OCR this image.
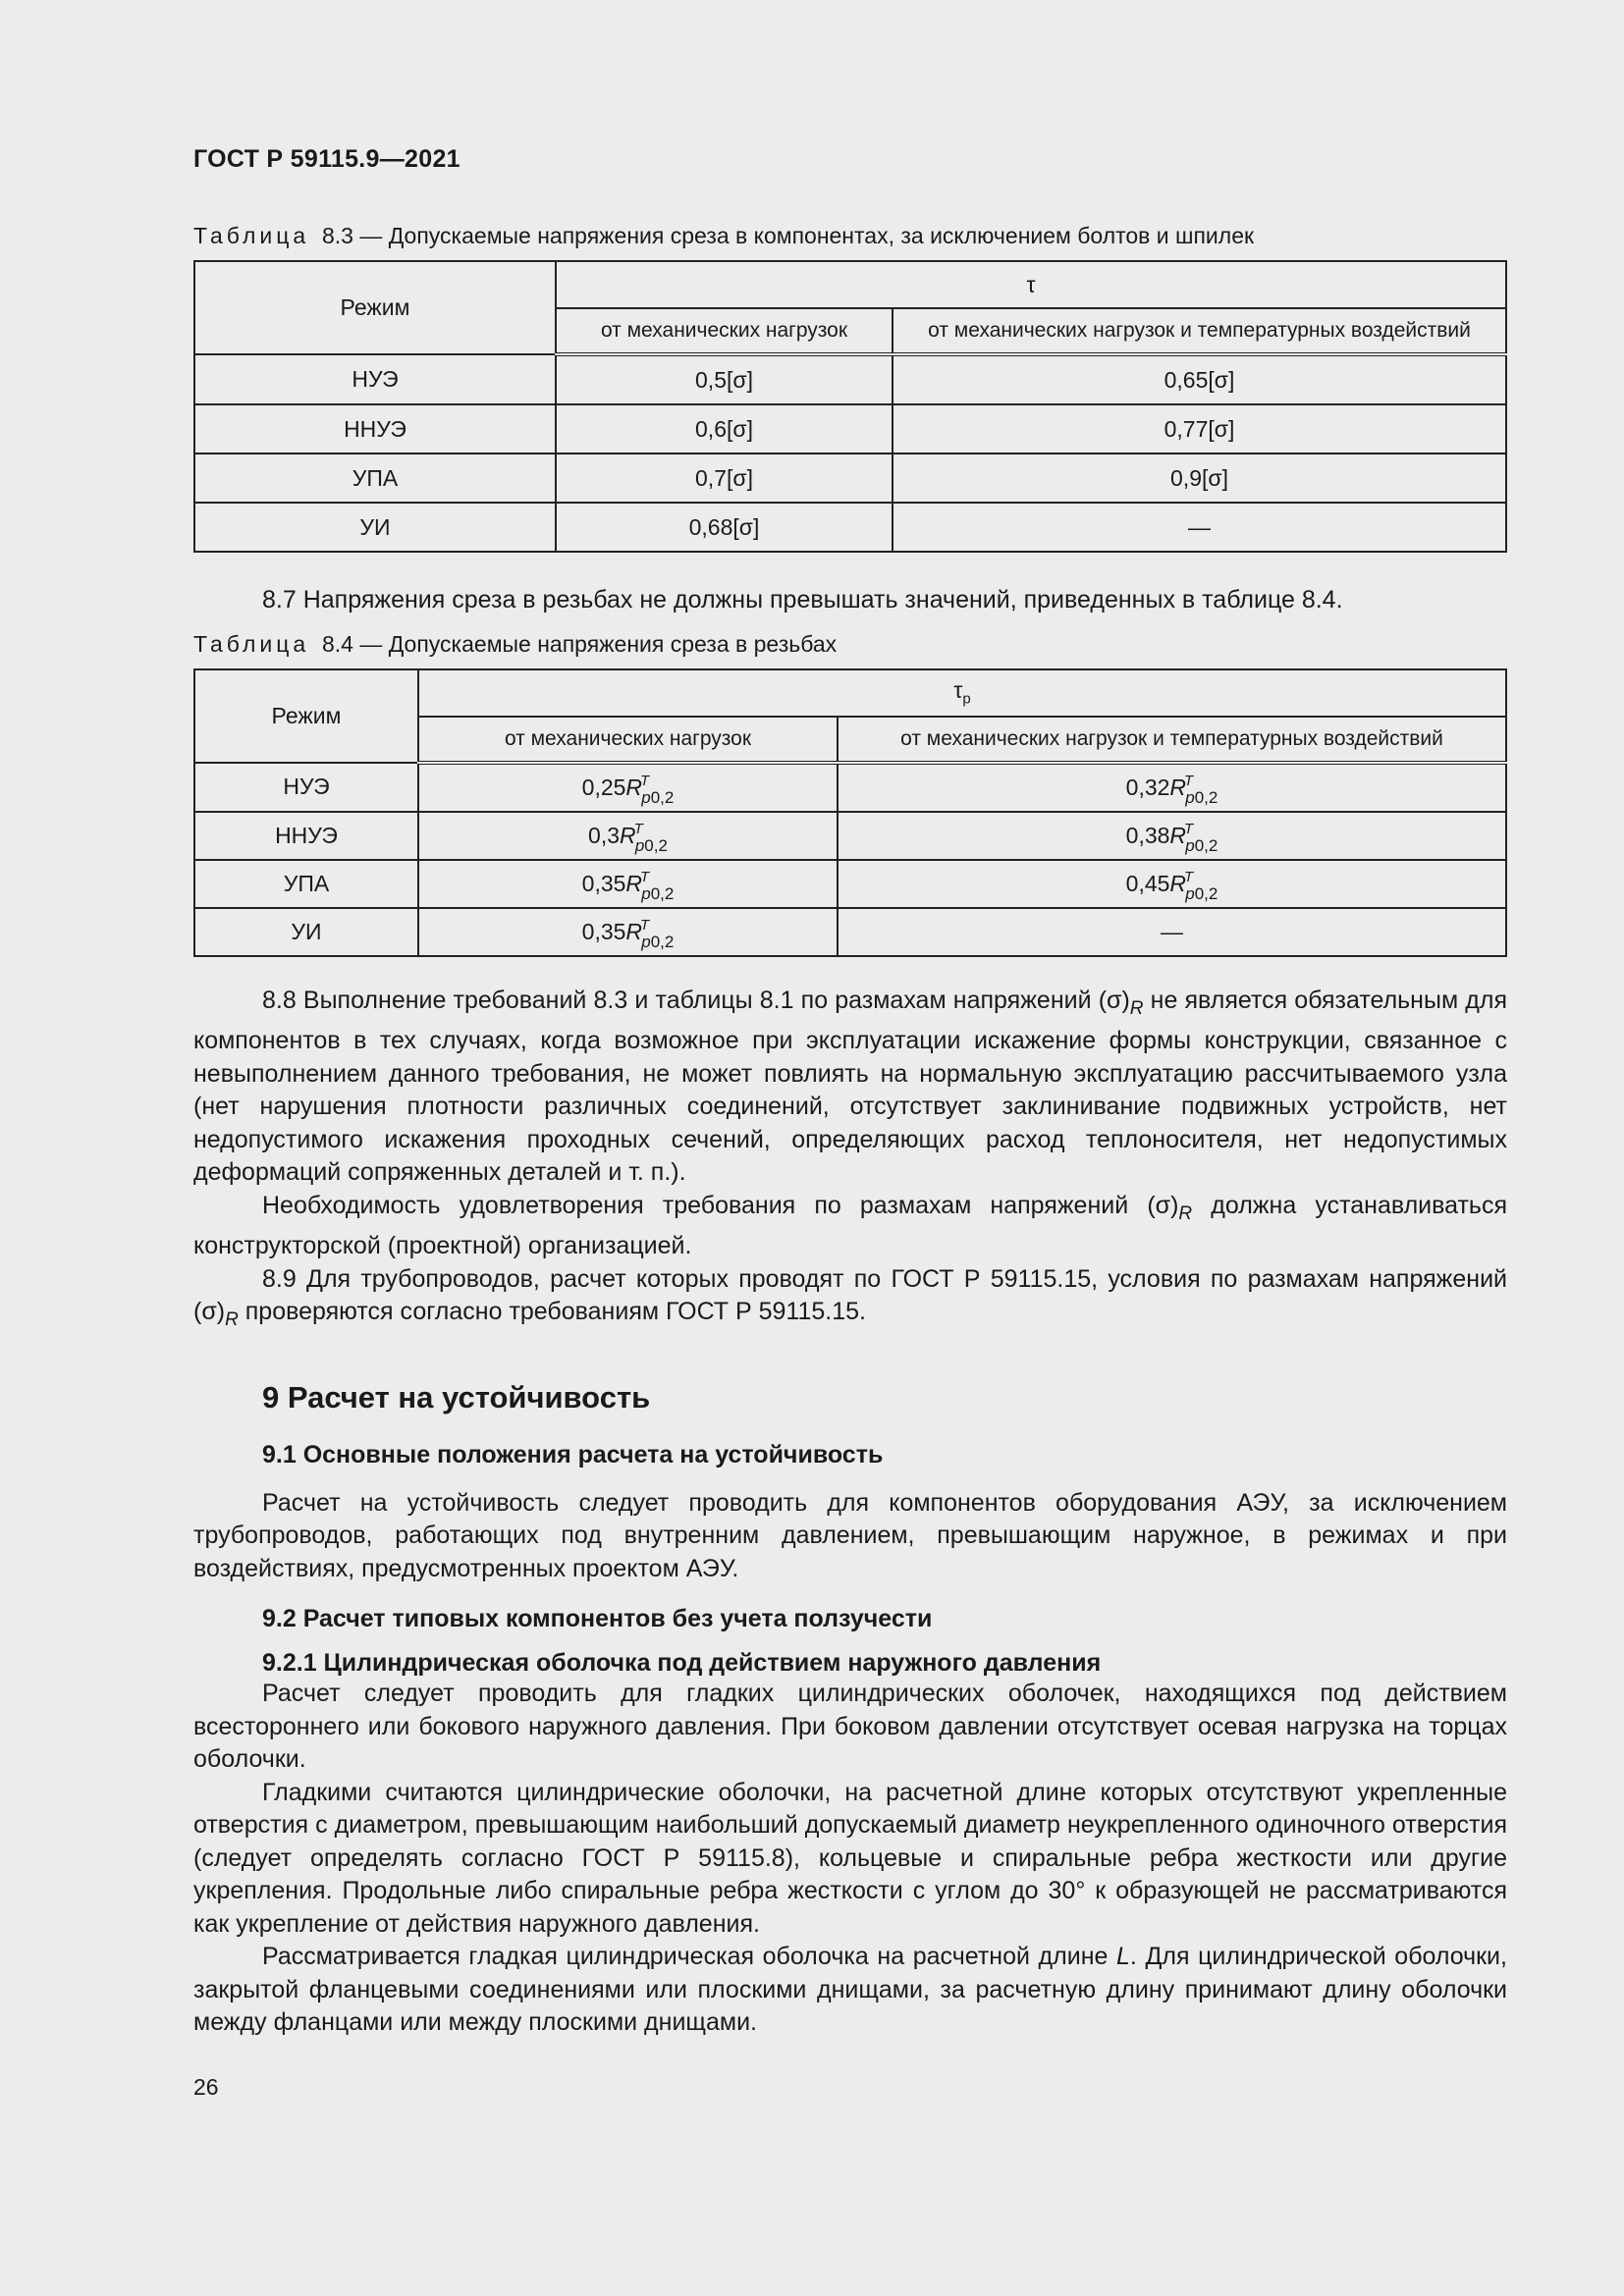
ГОСТ Р 59115.9—2021
Таблица 8.3 — Допускаемые напряжения среза в компонентах, за исключением болтов и шпилек
Режим	τ	
	от механических нагрузок	от механических нагрузок и температурных воздействий
НУЭ	0,5[σ]	0,65[σ]
ННУЭ	0,6[σ]	0,77[σ]
УПА	0,7[σ]	0,9[σ]
УИ	0,68[σ]	—

8.7 Напряжения среза в резьбах не должны превышать значений, приведенных в таблице 8.4.

Таблица 8.4 — Допускаемые напряжения среза в резьбах
Режим	$\tau_p$
	от механических нагрузок	от механических нагрузок и температурных воздействий
НУЭ	$0,25R^T_{p0,2}$	$0,32R^T_{p0,2}$
ННУЭ	$0,3R^T_{p0,2}$	$0,38R^T_{p0,2}$
УПА	$0,35R^T_{p0,2}$	$0,45R^T_{p0,2}$
УИ	$0,35R^T_{p0,2}$	—

8.8 Выполнение требований 8.3 и таблицы 8.1 по размахам напряжений $(\sigma)_R$ не является обязательным для компонентов в тех случаях, когда возможное при эксплуатации искажение формы конструкции, связанное с невыполнением данного требования, не может повлиять на нормальную эксплуатацию рассчитываемого узла (нет нарушения плотности различных соединений, отсутствует заклинивание подвижных устройств, нет недопустимого искажения проходных сечений, определяющих расход теплоносителя, нет недопустимых деформаций сопряженных деталей и т. п.).

Необходимость удовлетворения требования по размахам напряжений $(\sigma)_R$ должна устанавливаться конструкторской (проектной) организацией.

8.9 Для трубопроводов, расчет которых проводят по ГОСТ Р 59115.15, условия по размахам напряжений $(\sigma)_R$ проверяются согласно требованиям ГОСТ Р 59115.15.

9 Расчет на устойчивость
9.1 Основные положения расчета на устойчивость

Расчет на устойчивость следует проводить для компонентов оборудования АЭУ, за исключением трубопроводов, работающих под внутренним давлением, превышающим наружное, в режимах и при воздействиях, предусмотренных проектом АЭУ.

9.2 Расчет типовых компонентов без учета ползучести
9.2.1 Цилиндрическая оболочка под действием наружного давления

Расчет следует проводить для гладких цилиндрических оболочек, находящихся под действием всестороннего или бокового наружного давления. При боковом давлении отсутствует осевая нагрузка на торцах оболочки.

Гладкими считаются цилиндрические оболочки, на расчетной длине которых отсутствуют укрепленные отверстия с диаметром, превышающим наибольший допускаемый диаметр неукрепленного одиночного отверстия (следует определять согласно ГОСТ Р 59115.8), кольцевые и спиральные ребра жесткости или другие укрепления. Продольные либо спиральные ребра жесткости с углом до 30° к образующей не рассматриваются как укрепление от действия наружного давления.

Рассматривается гладкая цилиндрическая оболочка на расчетной длине L. Для цилиндрической оболочки, закрытой фланцевыми соединениями или плоскими днищами, за расчетную длину принимают длину оболочки между фланцами или между плоскими днищами.

26
